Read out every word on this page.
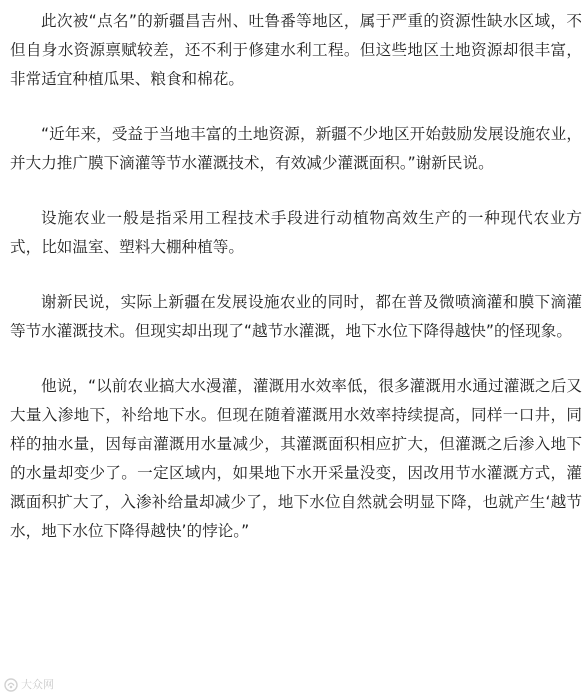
此次被“点名”的新疆昌吉州、吐鲁番等地区，属于严重的资源性缺水区域，不但自身水资源禀赋较差，还不利于修建水利工程。但这些地区土地资源却很丰富，非常适宜种植瓜果、粮食和棉花。

“近年来，受益于当地丰富的土地资源，新疆不少地区开始鼓励发展设施农业，并大力推广膜下滴灌等节水灌溉技术，有效减少灌溉面积。”谢新民说。

设施农业一般是指采用工程技术手段进行动植物高效生产的一种现代农业方式，比如温室、塑料大棚种植等。

谢新民说，实际上新疆在发展设施农业的同时，都在普及微喷滴灌和膜下滴灌等节水灌溉技术。但现实却出现了“越节水灌溉，地下水位下降得越快”的怪现象。

他说，“以前农业搞大水漫灌，灌溉用水效率低，很多灌溉用水通过灌溉之后又大量入渗地下，补给地下水。但现在随着灌溉用水效率持续提高，同样一口井，同样的抽水量，因每亩灌溉用水量减少，其灌溉面积相应扩大，但灌溉之后渗入地下的水量却变少了。一定区域内，如果地下水开采量没变，因改用节水灌溉方式，灌溉面积扩大了，入渗补给量却减少了，地下水位自然就会明显下降，也就产生‘越节水，地下水位下降得越快’的悖论。”

大众网
